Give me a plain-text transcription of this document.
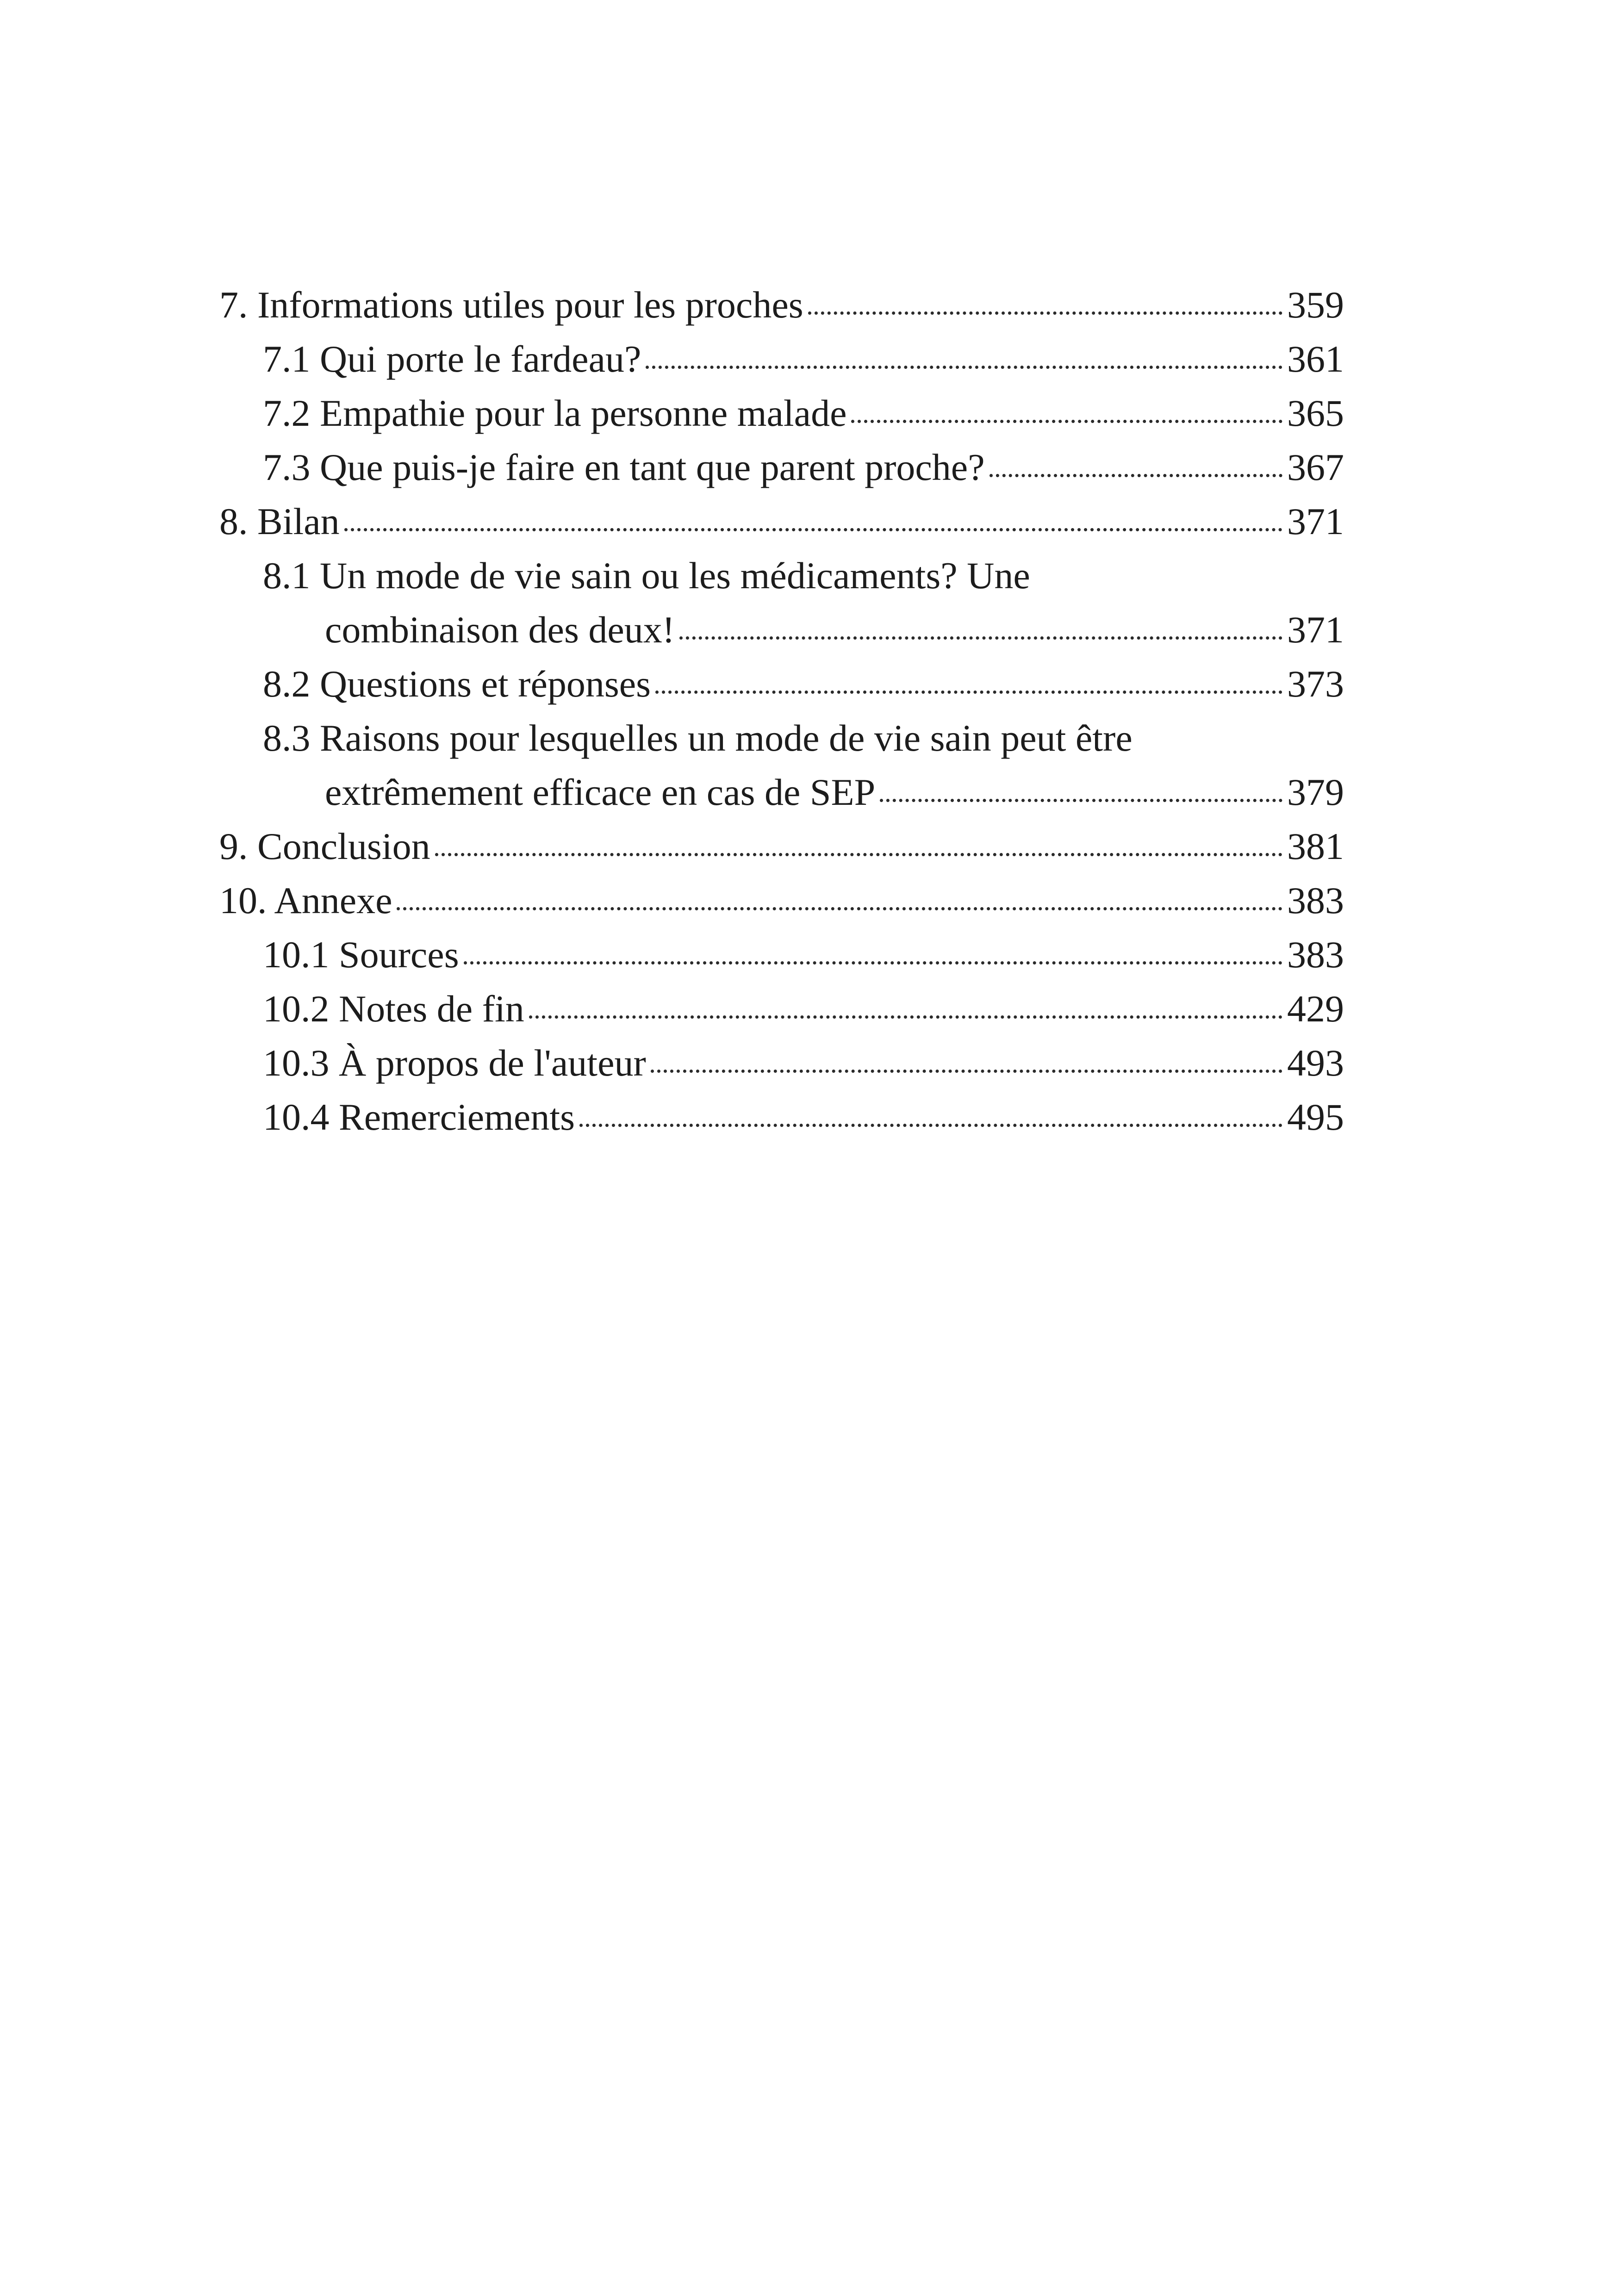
7. Informations utiles pour les proches	359
7.1 Qui porte le fardeau?	361
7.2 Empathie pour la personne malade	365
7.3 Que puis-je faire en tant que parent proche?	367
8. Bilan	371
8.1 Un mode de vie sain ou les médicaments? Une
combinaison des deux!	371
8.2 Questions et réponses	373
8.3 Raisons pour lesquelles un mode de vie sain peut être
extrêmement efficace en cas de SEP	379
9. Conclusion	381
10. Annexe	383
10.1 Sources	383
10.2 Notes de fin	429
10.3 À propos de l'auteur	493
10.4 Remerciements	495
